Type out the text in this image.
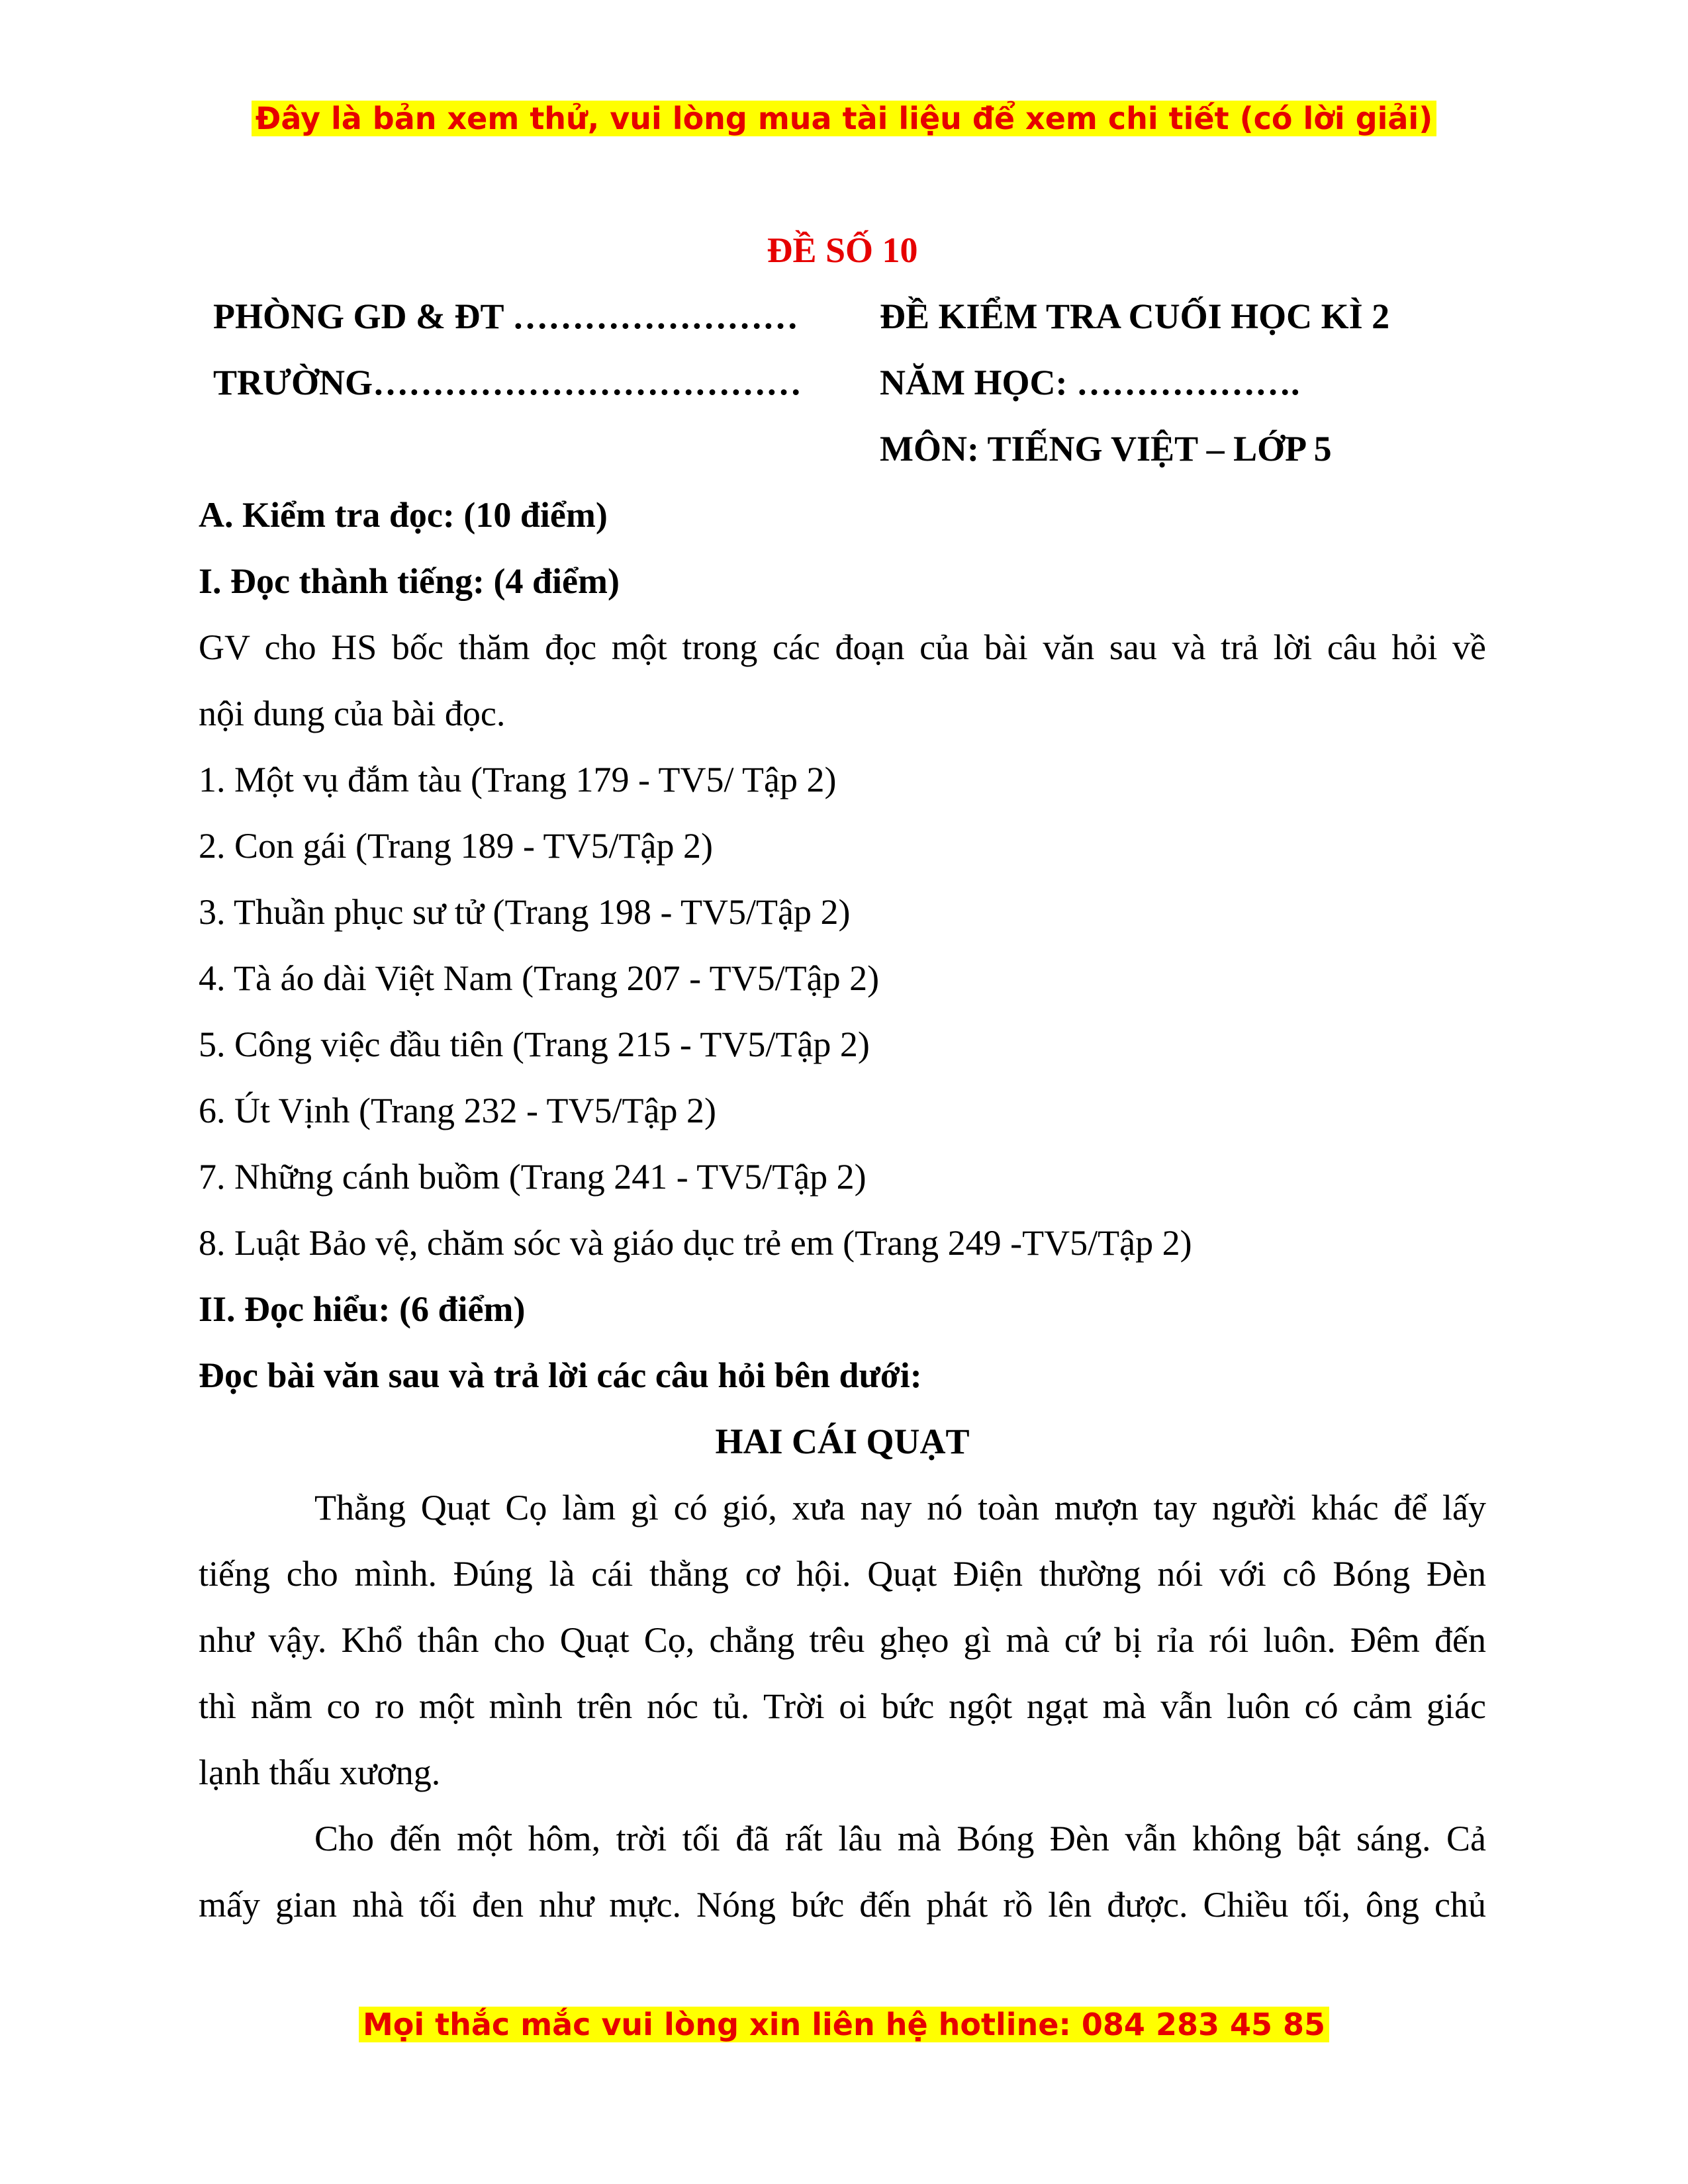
Đây là bản xem thử, vui lòng mua tài liệu để xem chi tiết (có lời giải)
ĐỀ SỐ 10
PHÒNG GD & ĐT …………………… ĐỀ KIỂM TRA CUỐI HỌC KÌ 2
TRƯỜNG……………………………… NĂM HỌC: ……………….
MÔN: TIẾNG VIỆT – LỚP 5
A. Kiểm tra đọc: (10 điểm)
I. Đọc thành tiếng: (4 điểm)
GV cho HS bốc thăm đọc một trong các đoạn của bài văn sau và trả lời câu hỏi về
nội dung của bài đọc.
1. Một vụ đắm tàu (Trang 179 - TV5/ Tập 2)
2. Con gái (Trang 189 - TV5/Tập 2)
3. Thuần phục sư tử (Trang 198 - TV5/Tập 2)
4. Tà áo dài Việt Nam (Trang 207 - TV5/Tập 2)
5. Công việc đầu tiên (Trang 215 - TV5/Tập 2)
6. Út Vịnh (Trang 232 - TV5/Tập 2)
7. Những cánh buồm (Trang 241 - TV5/Tập 2)
8. Luật Bảo vệ, chăm sóc và giáo dục trẻ em (Trang 249 -TV5/Tập 2)
II. Đọc hiểu: (6 điểm)
Đọc bài văn sau và trả lời các câu hỏi bên dưới:
HAI CÁI QUẠT
Thằng Quạt Cọ làm gì có gió, xưa nay nó toàn mượn tay người khác để lấy
tiếng cho mình. Đúng là cái thằng cơ hội. Quạt Điện thường nói với cô Bóng Đèn
như vậy. Khổ thân cho Quạt Cọ, chẳng trêu ghẹo gì mà cứ bị rỉa rói luôn. Đêm đến
thì nằm co ro một mình trên nóc tủ. Trời oi bức ngột ngạt mà vẫn luôn có cảm giác
lạnh thấu xương.
Cho đến một hôm, trời tối đã rất lâu mà Bóng Đèn vẫn không bật sáng. Cả
mấy gian nhà tối đen như mực. Nóng bức đến phát rồ lên được. Chiều tối, ông chủ
Mọi thắc mắc vui lòng xin liên hệ hotline: 084 283 45 85
